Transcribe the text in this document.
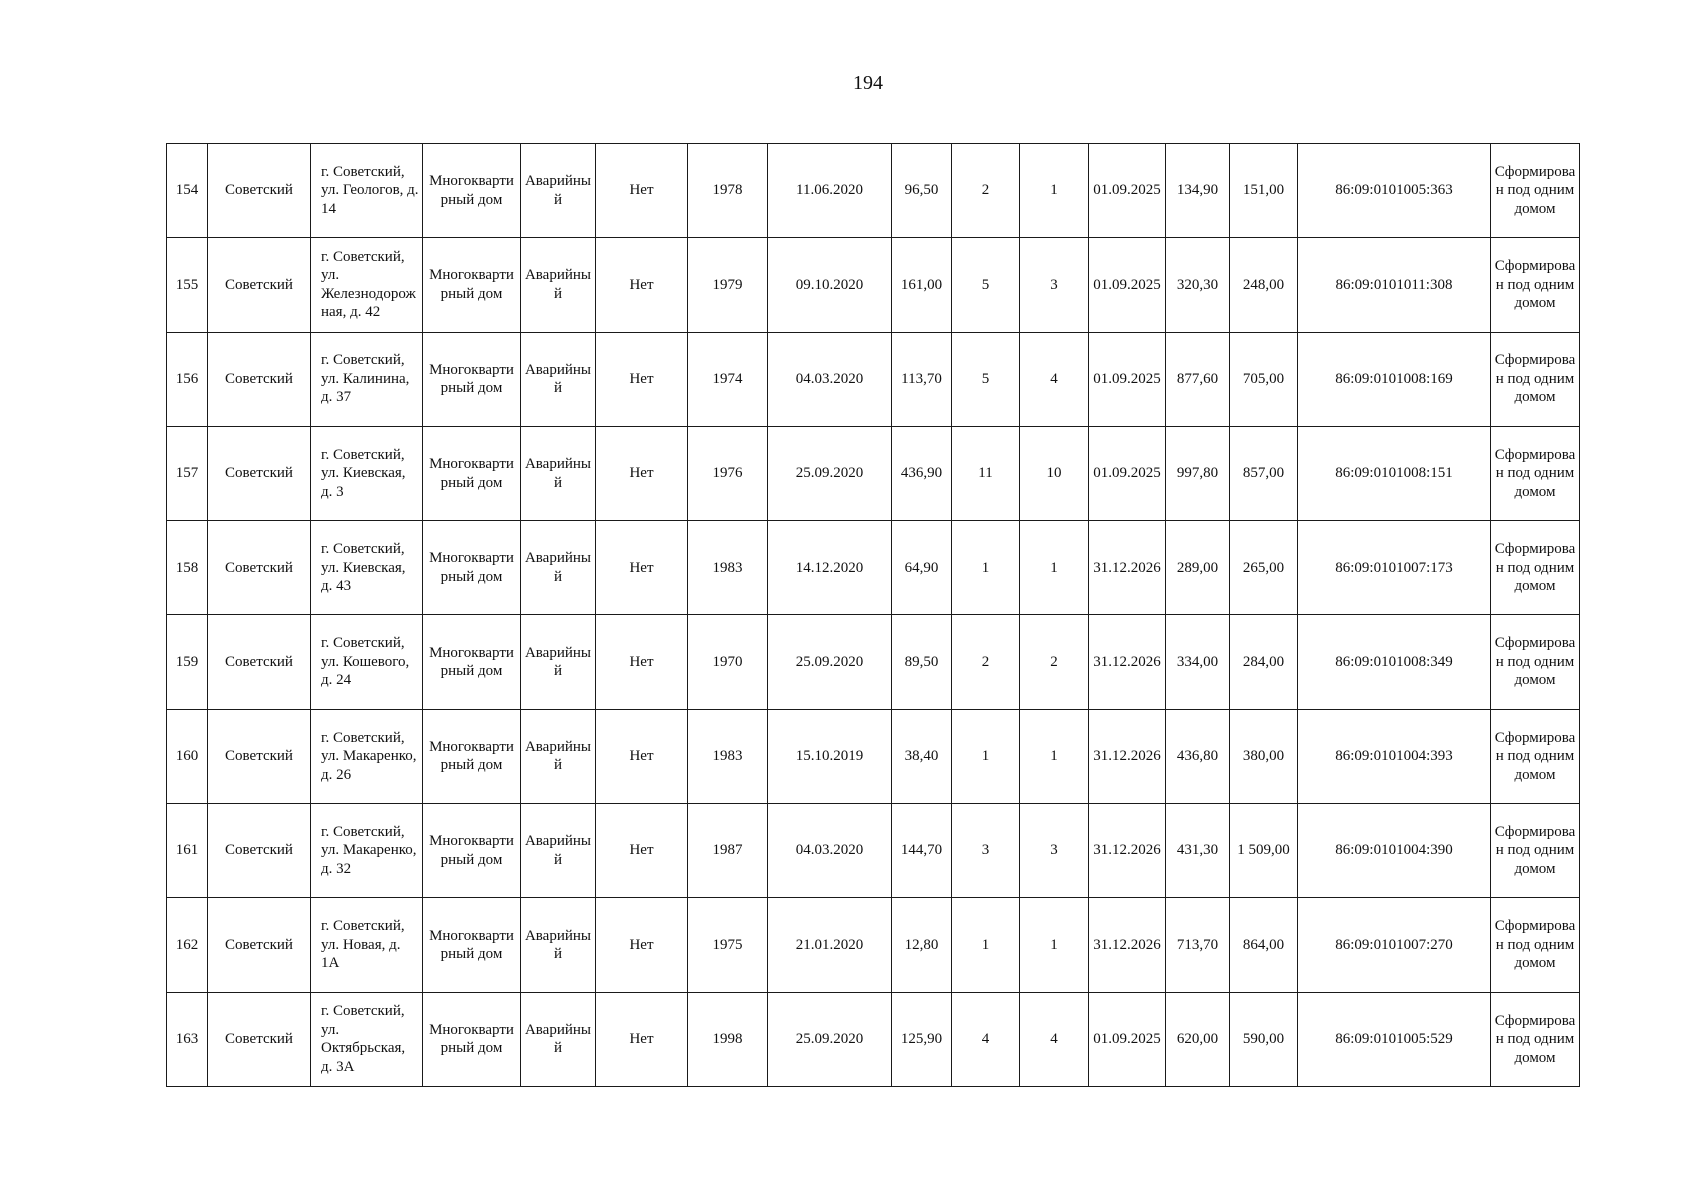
194
154	Советский	г. Советский, ул. Геологов, д. 14	Многоквартирный дом	Аварийный	Нет	1978	11.06.2020	96,50	2	1	01.09.2025	134,90	151,00	86:09:0101005:363	Сформирован под одним домом
155	Советский	г. Советский, ул. Железнодорожная, д. 42	Многоквартирный дом	Аварийный	Нет	1979	09.10.2020	161,00	5	3	01.09.2025	320,30	248,00	86:09:0101011:308	Сформирован под одним домом
156	Советский	г. Советский, ул. Калинина, д. 37	Многоквартирный дом	Аварийный	Нет	1974	04.03.2020	113,70	5	4	01.09.2025	877,60	705,00	86:09:0101008:169	Сформирован под одним домом
157	Советский	г. Советский, ул. Киевская, д. 3	Многоквартирный дом	Аварийный	Нет	1976	25.09.2020	436,90	11	10	01.09.2025	997,80	857,00	86:09:0101008:151	Сформирован под одним домом
158	Советский	г. Советский, ул. Киевская, д. 43	Многоквартирный дом	Аварийный	Нет	1983	14.12.2020	64,90	1	1	31.12.2026	289,00	265,00	86:09:0101007:173	Сформирован под одним домом
159	Советский	г. Советский, ул. Кошевого, д. 24	Многоквартирный дом	Аварийный	Нет	1970	25.09.2020	89,50	2	2	31.12.2026	334,00	284,00	86:09:0101008:349	Сформирован под одним домом
160	Советский	г. Советский, ул. Макаренко, д. 26	Многоквартирный дом	Аварийный	Нет	1983	15.10.2019	38,40	1	1	31.12.2026	436,80	380,00	86:09:0101004:393	Сформирован под одним домом
161	Советский	г. Советский, ул. Макаренко, д. 32	Многоквартирный дом	Аварийный	Нет	1987	04.03.2020	144,70	3	3	31.12.2026	431,30	1 509,00	86:09:0101004:390	Сформирован под одним домом
162	Советский	г. Советский, ул. Новая, д. 1А	Многоквартирный дом	Аварийный	Нет	1975	21.01.2020	12,80	1	1	31.12.2026	713,70	864,00	86:09:0101007:270	Сформирован под одним домом
163	Советский	г. Советский, ул. Октябрьская, д. 3А	Многоквартирный дом	Аварийный	Нет	1998	25.09.2020	125,90	4	4	01.09.2025	620,00	590,00	86:09:0101005:529	Сформирован под одним домом
